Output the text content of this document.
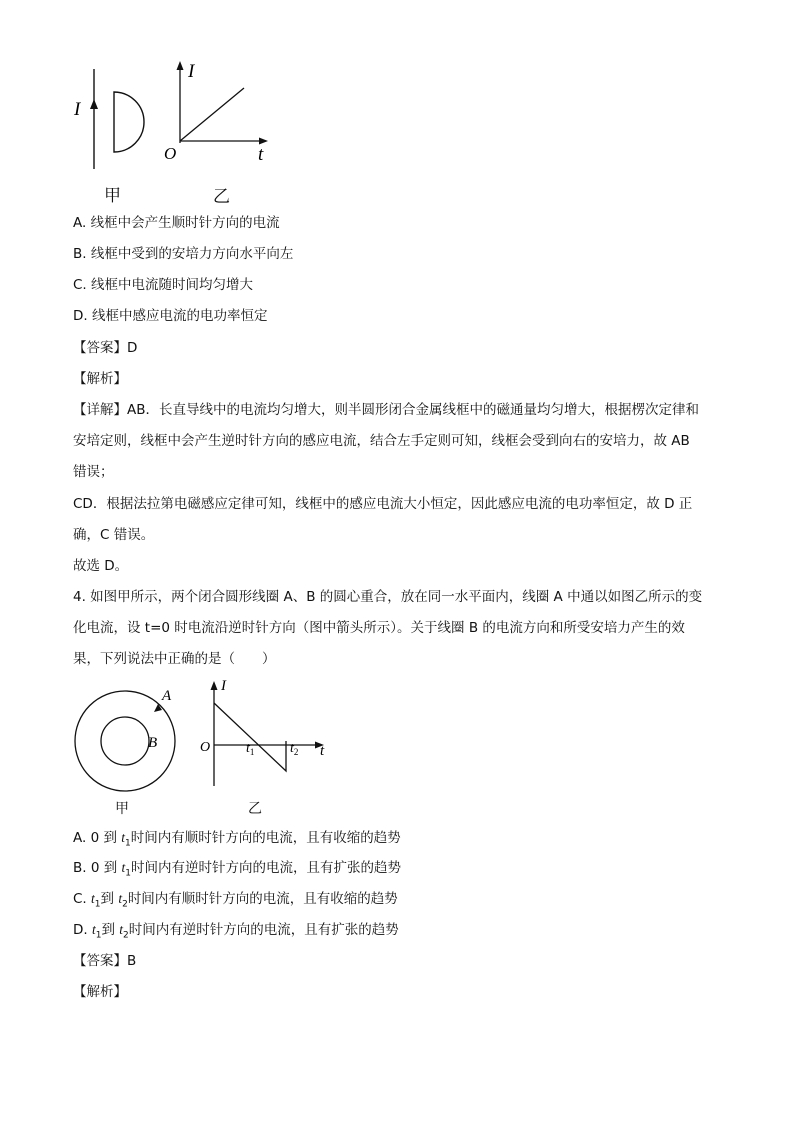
I
I
t
O
甲	乙
A. 线框中会产生顺时针方向的电流
B. 线框中受到的安培力方向水平向左
C. 线框中电流随时间均匀增大
D. 线框中感应电流的电功率恒定
【答案】D
【解析】
【详解】AB．长直导线中的电流均匀增大，则半圆形闭合金属线框中的磁通量均匀增大，根据楞次定律和
安培定则，线框中会产生逆时针方向的感应电流，结合左手定则可知，线框会受到向右的安培力，故 AB
错误；
CD．根据法拉第电磁感应定律可知，线框中的感应电流大小恒定，因此感应电流的电功率恒定，故 D 正
确，C 错误。
故选 D。
4. 如图甲所示，两个闭合圆形线圈 A、B 的圆心重合，放在同一水平面内，线圈 A 中通以如图乙所示的变
化电流，设 t=0 时电流沿逆时针方向（图中箭头所示）。关于线圈 B 的电流方向和所受安培力产生的效
果，下列说法中正确的是（　　）
A
B
I
t
O	$t_1$	$t_2$
甲	乙
A. 0 到 $t_1$时间内有顺时针方向的电流，且有收缩的趋势
B. 0 到 $t_1$时间内有逆时针方向的电流，且有扩张的趋势
C. $t_1$到 $t_2$时间内有顺时针方向的电流，且有收缩的趋势
D. $t_1$到 $t_2$时间内有逆时针方向的电流，且有扩张的趋势
【答案】B
【解析】
